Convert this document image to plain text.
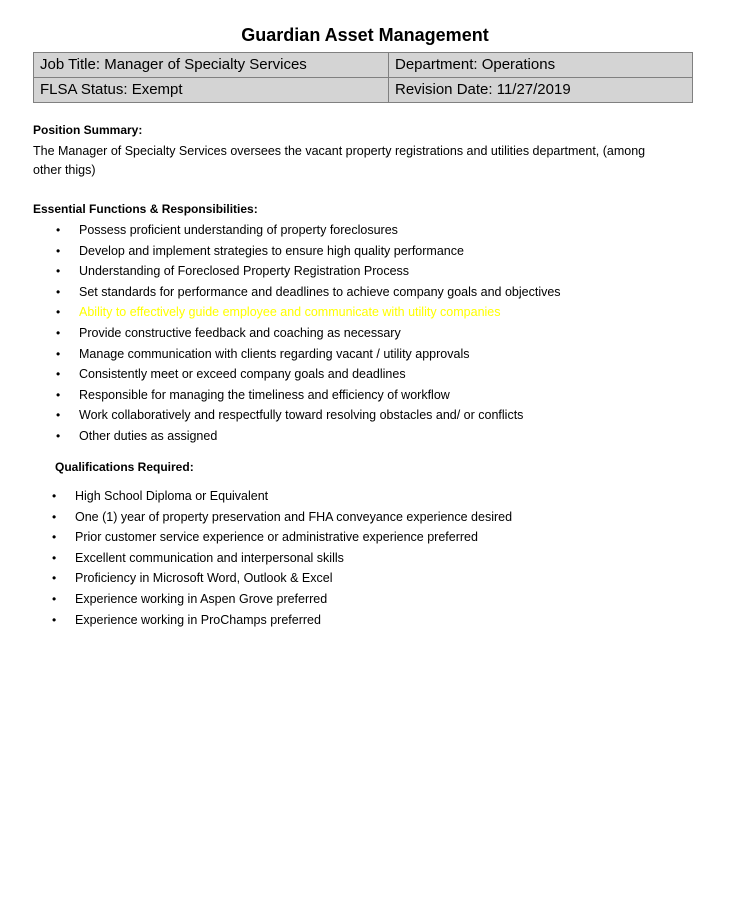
Guardian Asset Management
Job Title: Manager of Specialty Services	Department: Operations
FLSA Status: Exempt	Revision Date: 11/27/2019
Position Summary:
The Manager of Specialty Services oversees the vacant property registrations and utilities department, (among other thigs)
Essential Functions & Responsibilities:
• Possess proficient understanding of property foreclosures
• Develop and implement strategies to ensure high quality performance
• Understanding of Foreclosed Property Registration Process
• Set standards for performance and deadlines to achieve company goals and objectives
• Ability to effectively guide employee and communicate with utility companies
• Provide constructive feedback and coaching as necessary
• Manage communication with clients regarding vacant / utility approvals
• Consistently meet or exceed company goals and deadlines
• Responsible for managing the timeliness and efficiency of workflow
• Work collaboratively and respectfully toward resolving obstacles and/ or conflicts
• Other duties as assigned
Qualifications Required:
• High School Diploma or Equivalent
• One (1) year of property preservation and FHA conveyance experience desired
• Prior customer service experience or administrative experience preferred
• Excellent communication and interpersonal skills
• Proficiency in Microsoft Word, Outlook & Excel
• Experience working in Aspen Grove preferred
• Experience working in ProChamps preferred
